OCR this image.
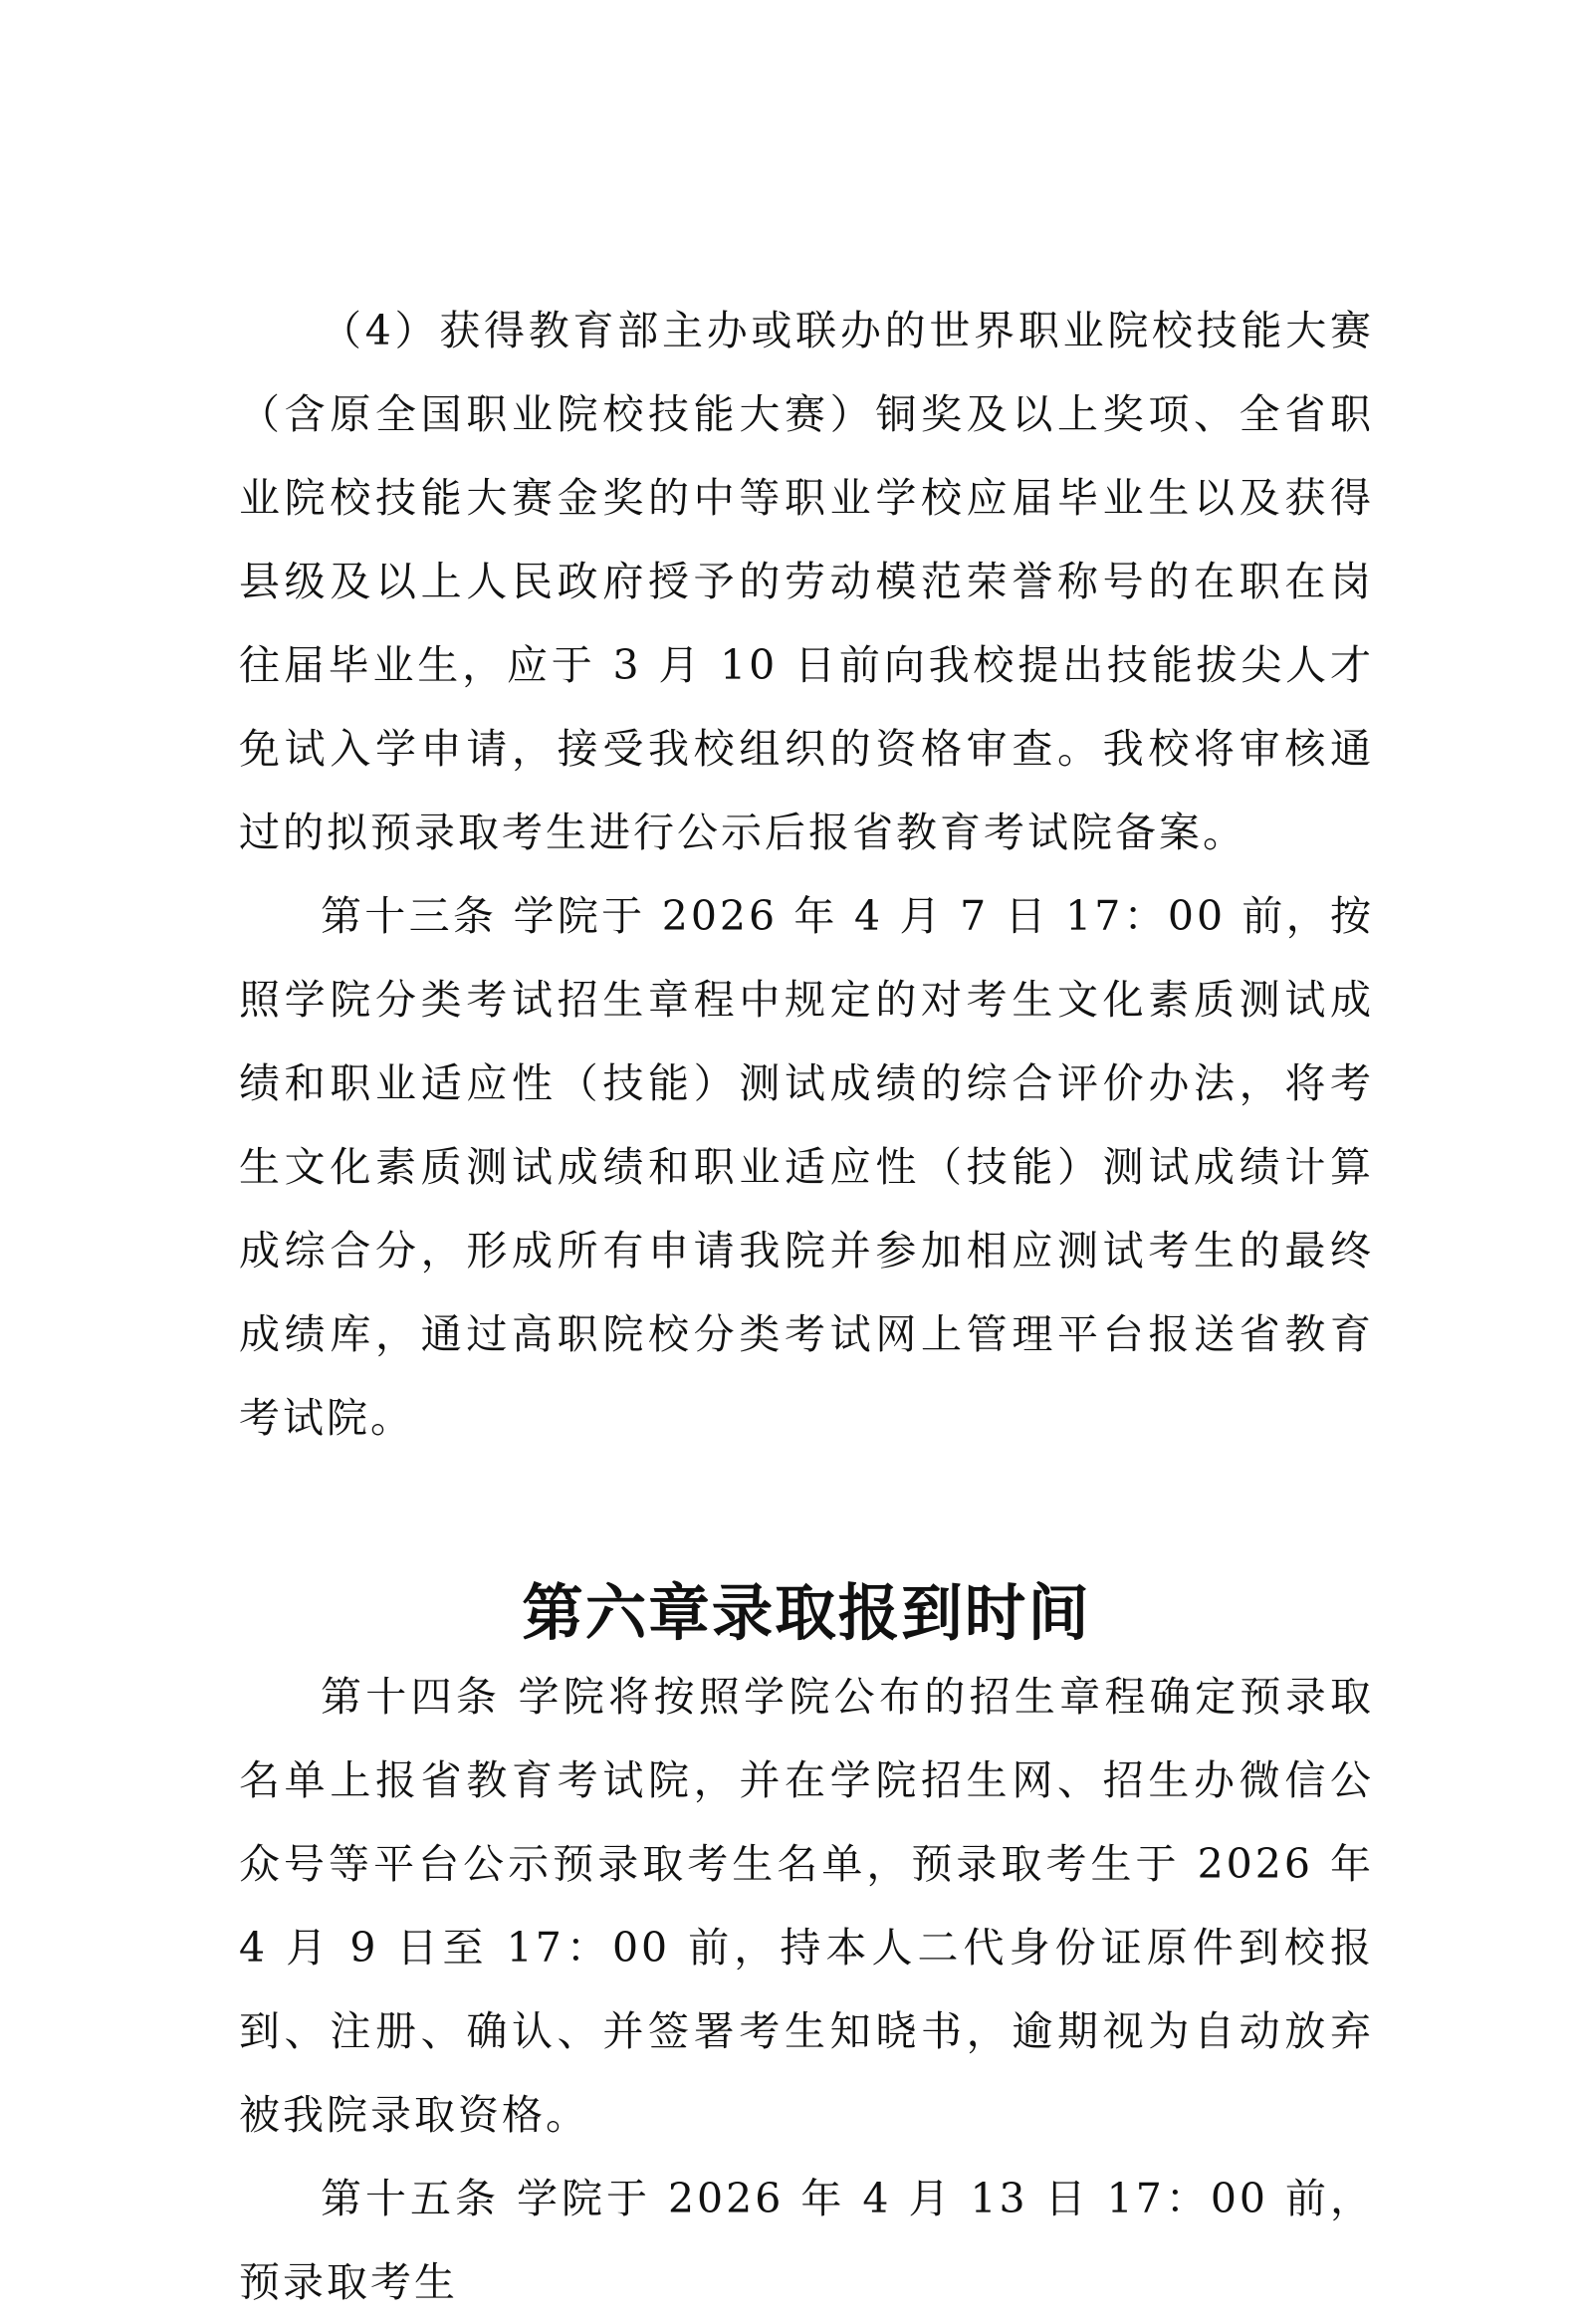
（4）获得教育部主办或联办的世界职业院校技能大赛（含原全国职业院校技能大赛）铜奖及以上奖项、全省职业院校技能大赛金奖的中等职业学校应届毕业生以及获得县级及以上人民政府授予的劳动模范荣誉称号的在职在岗往届毕业生，应于 3 月 10 日前向我校提出技能拔尖人才免试入学申请，接受我校组织的资格审查。我校将审核通过的拟预录取考生进行公示后报省教育考试院备案。

第十三条 学院于 2026 年 4 月 7 日 17：00 前，按照学院分类考试招生章程中规定的对考生文化素质测试成绩和职业适应性（技能）测试成绩的综合评价办法，将考生文化素质测试成绩和职业适应性（技能）测试成绩计算成综合分，形成所有申请我院并参加相应测试考生的最终成绩库，通过高职院校分类考试网上管理平台报送省教育考试院。

第六章录取报到时间

第十四条 学院将按照学院公布的招生章程确定预录取名单上报省教育考试院，并在学院招生网、招生办微信公众号等平台公示预录取考生名单，预录取考生于 2026 年 4 月 9 日至 17：00 前，持本人二代身份证原件到校报到、注册、确认、并签署考生知晓书，逾期视为自动放弃被我院录取资格。

第十五条 学院于 2026 年 4 月 13 日 17：00 前，预录取考生
